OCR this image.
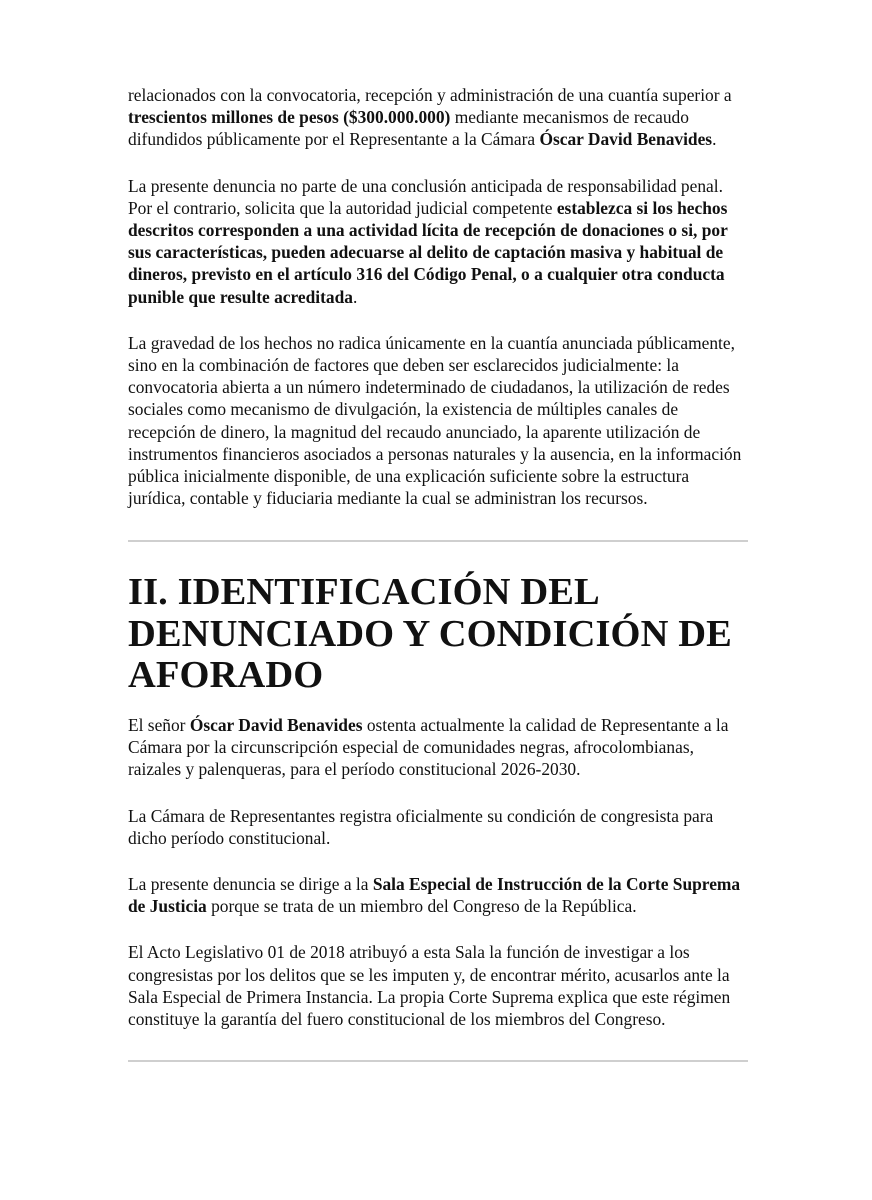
relacionados con la convocatoria, recepción y administración de una cuantía superior a trescientos millones de pesos ($300.000.000) mediante mecanismos de recaudo difundidos públicamente por el Representante a la Cámara Óscar David Benavides.

La presente denuncia no parte de una conclusión anticipada de responsabilidad penal. Por el contrario, solicita que la autoridad judicial competente establezca si los hechos descritos corresponden a una actividad lícita de recepción de donaciones o si, por sus características, pueden adecuarse al delito de captación masiva y habitual de dineros, previsto en el artículo 316 del Código Penal, o a cualquier otra conducta punible que resulte acreditada.

La gravedad de los hechos no radica únicamente en la cuantía anunciada públicamente, sino en la combinación de factores que deben ser esclarecidos judicialmente: la convocatoria abierta a un número indeterminado de ciudadanos, la utilización de redes sociales como mecanismo de divulgación, la existencia de múltiples canales de recepción de dinero, la magnitud del recaudo anunciado, la aparente utilización de instrumentos financieros asociados a personas naturales y la ausencia, en la información pública inicialmente disponible, de una explicación suficiente sobre la estructura jurídica, contable y fiduciaria mediante la cual se administran los recursos.

II. IDENTIFICACIÓN DEL DENUNCIADO Y CONDICIÓN DE AFORADO

El señor Óscar David Benavides ostenta actualmente la calidad de Representante a la Cámara por la circunscripción especial de comunidades negras, afrocolombianas, raizales y palenqueras, para el período constitucional 2026-2030.

La Cámara de Representantes registra oficialmente su condición de congresista para dicho período constitucional.

La presente denuncia se dirige a la Sala Especial de Instrucción de la Corte Suprema de Justicia porque se trata de un miembro del Congreso de la República.

El Acto Legislativo 01 de 2018 atribuyó a esta Sala la función de investigar a los congresistas por los delitos que se les imputen y, de encontrar mérito, acusarlos ante la Sala Especial de Primera Instancia. La propia Corte Suprema explica que este régimen constituye la garantía del fuero constitucional de los miembros del Congreso.
